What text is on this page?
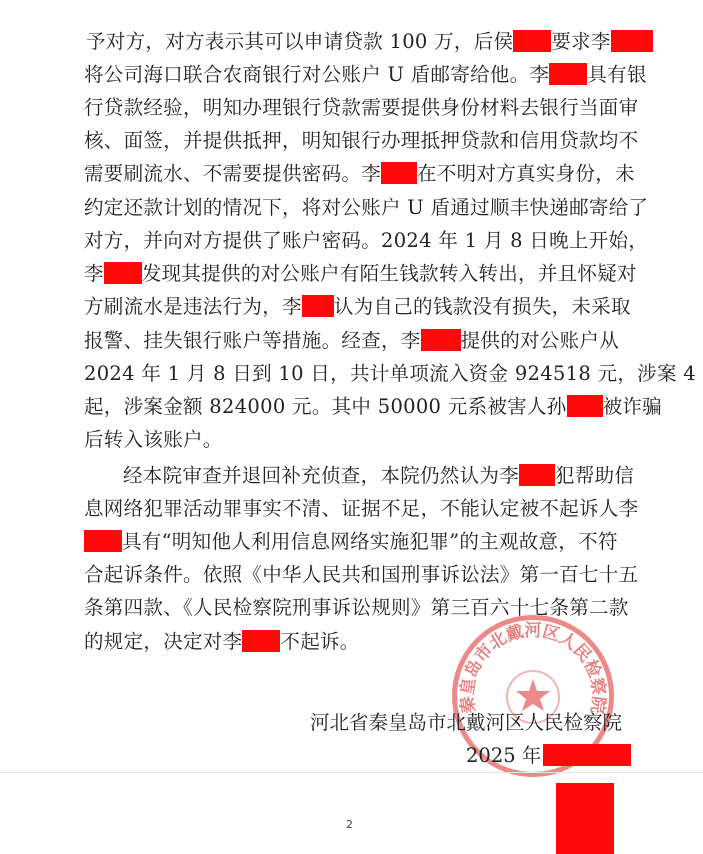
予对方，对方表示其可以申请贷款 100 万，后侯 要求李
将公司海口联合农商银行对公账户 U 盾邮寄给他。李 具有银
行贷款经验，明知办理银行贷款需要提供身份材料去银行当面审
核、面签，并提供抵押，明知银行办理抵押贷款和信用贷款均不
需要刷流水、不需要提供密码。李 在不明对方真实身份，未
约定还款计划的情况下，将对公账户 U 盾通过顺丰快递邮寄给了
对方，并向对方提供了账户密码。2024 年 1 月 8 日晚上开始，
李 发现其提供的对公账户有陌生钱款转入转出，并且怀疑对
方刷流水是违法行为，李 认为自己的钱款没有损失，未采取
报警、挂失银行账户等措施。经查，李 提供的对公账户从
2024 年 1 月 8 日到 10 日，共计单项流入资金 924518 元，涉案 4
起，涉案金额 824000 元。其中 50000 元系被害人孙 被诈骗
后转入该账户。
经本院审查并退回补充侦查，本院仍然认为李 犯帮助信
息网络犯罪活动罪事实不清、证据不足，不能认定被不起诉人李
具有“明知他人利用信息网络实施犯罪”的主观故意，不符
合起诉条件。依照《中华人民共和国刑事诉讼法》第一百七十五
条第四款、《人民检察院刑事诉讼规则》第三百六十七条第二款
的规定，决定对李 不起诉。
秦皇岛市北戴河区人民检察院
河北省秦皇岛市北戴河区人民检察院
2025 年
2
